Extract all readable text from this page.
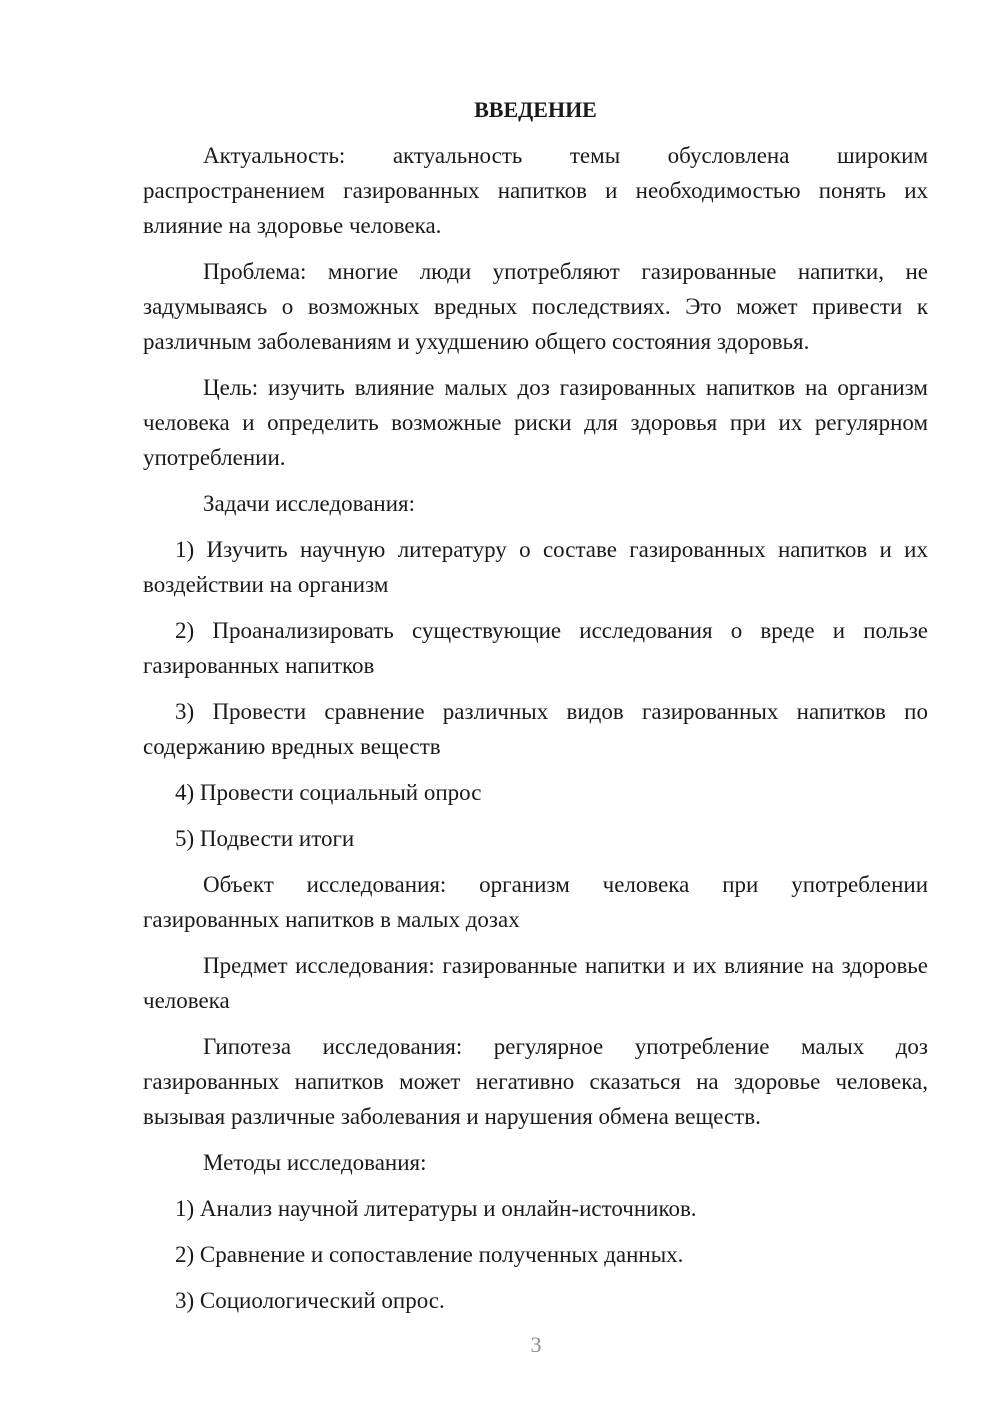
ВВЕДЕНИЕ
Актуальность: актуальность темы обусловлена широким распространением газированных напитков и необходимостью понять их влияние на здоровье человека.
Проблема: многие люди употребляют газированные напитки, не задумываясь о возможных вредных последствиях. Это может привести к различным заболеваниям и ухудшению общего состояния здоровья.
Цель: изучить влияние малых доз газированных напитков на организм человека и определить возможные риски для здоровья при их регулярном употреблении.
Задачи исследования:
1) Изучить научную литературу о составе газированных напитков и их воздействии на организм
2) Проанализировать существующие исследования о вреде и пользе газированных напитков
3) Провести сравнение различных видов газированных напитков по содержанию вредных веществ
4) Провести социальный опрос
5) Подвести итоги
Объект исследования: организм человека при употреблении газированных напитков в малых дозах
Предмет исследования: газированные напитки и их влияние на здоровье человека
Гипотеза исследования: регулярное употребление малых доз газированных напитков может негативно сказаться на здоровье человека, вызывая различные заболевания и нарушения обмена веществ.
Методы исследования:
1) Анализ научной литературы и онлайн-источников.
2) Сравнение и сопоставление полученных данных.
3) Социологический опрос.
3
